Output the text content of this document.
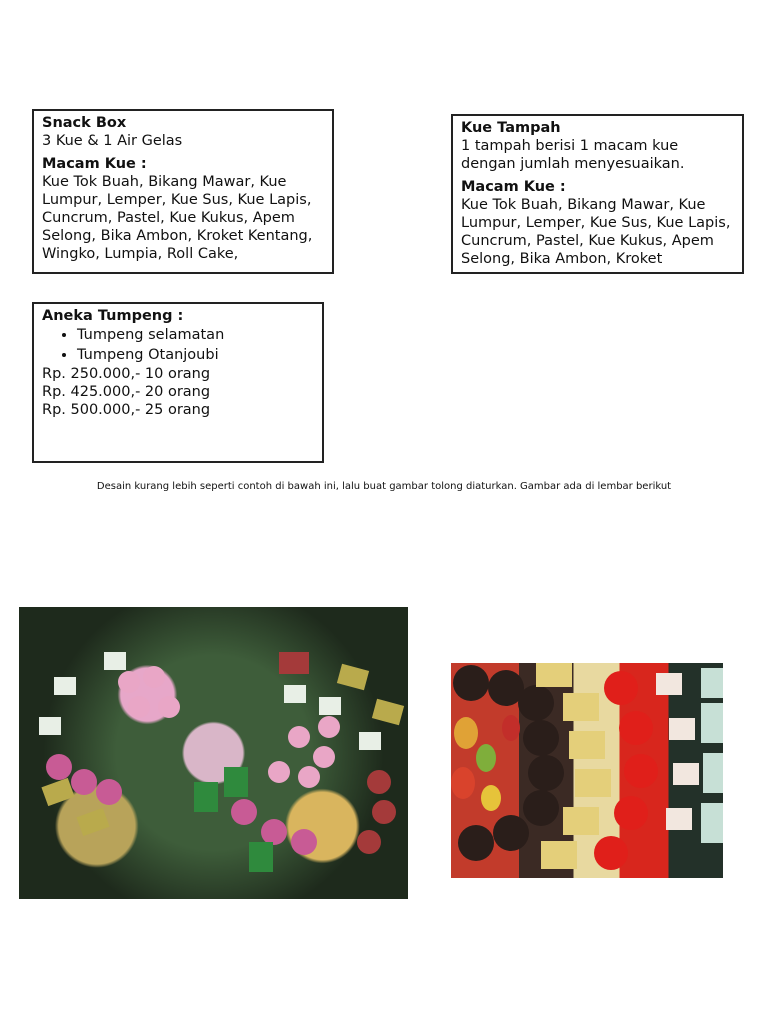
Snack Box

3 Kue & 1 Air Gelas

Macam Kue :

Kue Tok Buah, Bikang Mawar, Kue Lumpur, Lemper, Kue Sus, Kue Lapis, Cuncrum, Pastel, Kue Kukus, Apem Selong, Bika Ambon, Kroket Kentang, Wingko, Lumpia, Roll Cake,

Kue Tampah

1 tampah berisi 1 macam kue dengan jumlah menyesuaikan.

Macam Kue :

Kue Tok Buah, Bikang Mawar, Kue Lumpur, Lemper, Kue Sus, Kue Lapis, Cuncrum, Pastel, Kue Kukus, Apem Selong, Bika Ambon, Kroket

Aneka Tumpeng :

• Tumpeng selamatan
• Tumpeng Otanjoubi

Rp. 250.000,- 10 orang

Rp. 425.000,- 20 orang

Rp. 500.000,- 25 orang

Desain kurang lebih seperti contoh di bawah ini, lalu buat gambar tolong diaturkan. Gambar ada di lembar berikut
